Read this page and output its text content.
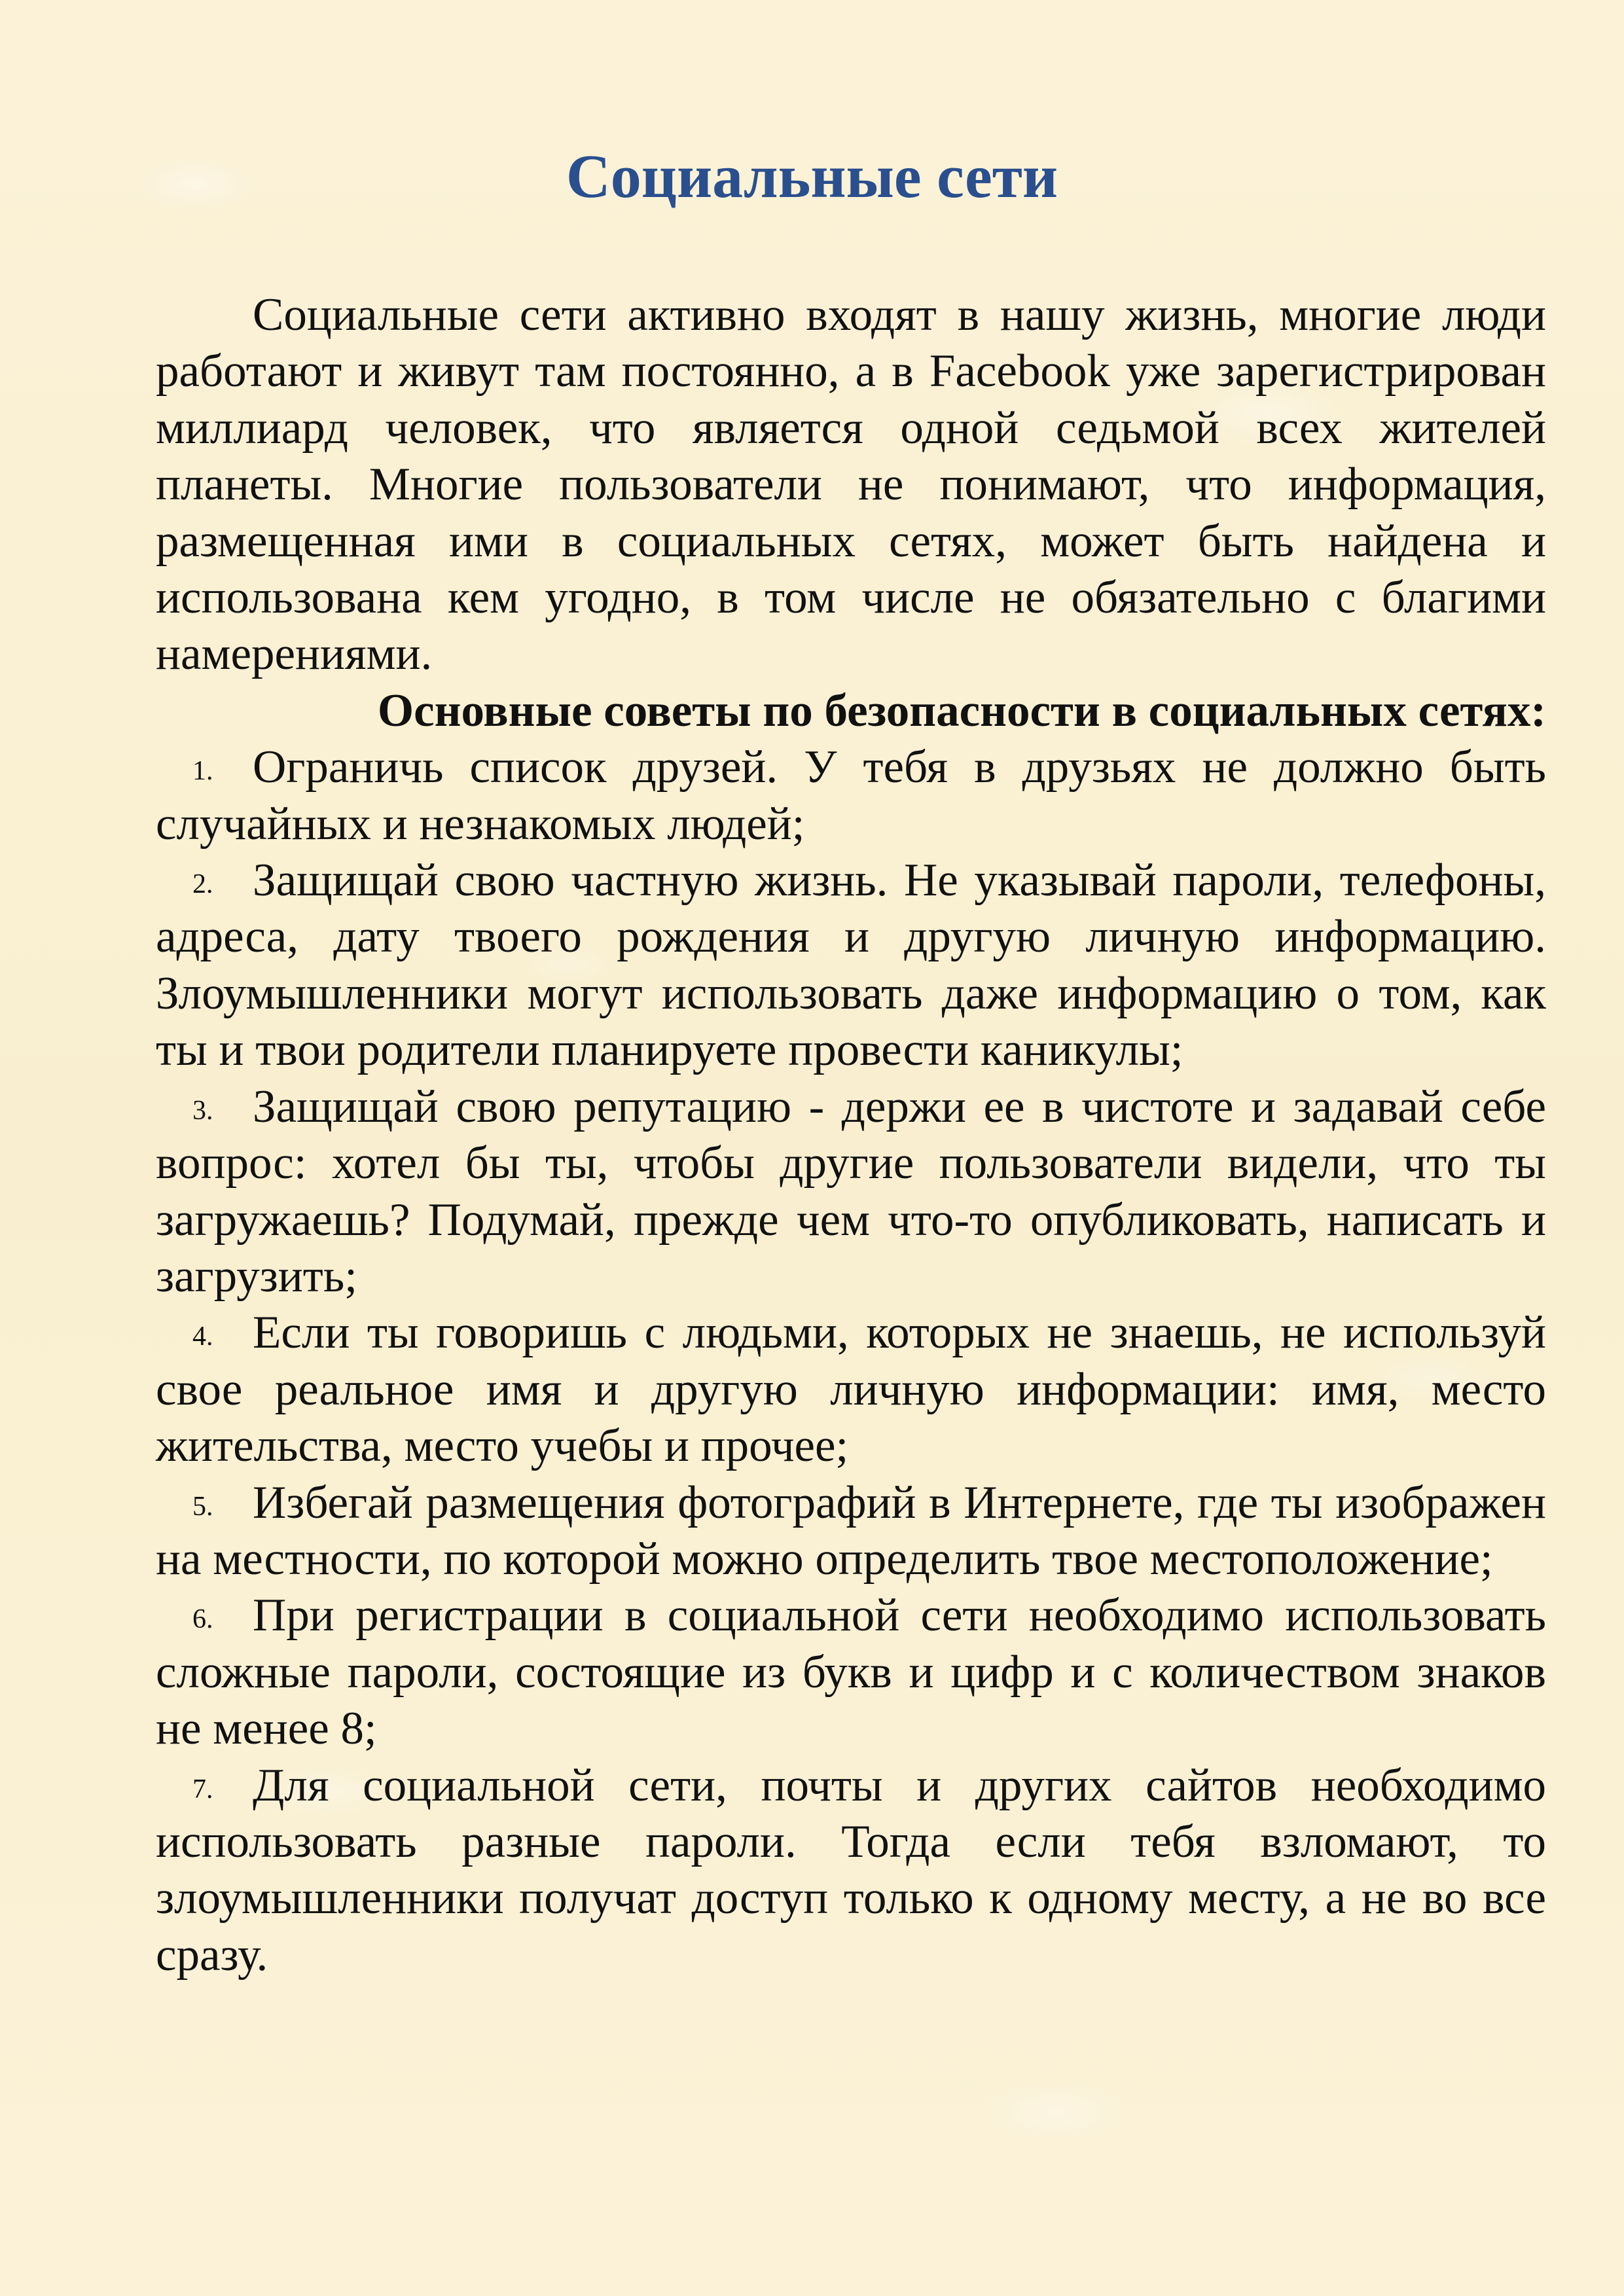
Социальные сети

Социальные сети активно входят в нашу жизнь, многие люди работают и живут там постоянно, а в Facebook уже зарегистрирован миллиард человек, что является одной седьмой всех жителей планеты. Многие пользователи не понимают, что информация, размещенная ими в социальных сетях, может быть найдена и использована кем угодно, в том числе не обязательно с благими намерениями.

Основные советы по безопасности в социальных сетях:

1. Ограничь список друзей. У тебя в друзьях не должно быть случайных и незнакомых людей;
2. Защищай свою частную жизнь. Не указывай пароли, телефоны, адреса, дату твоего рождения и другую личную информацию. Злоумышленники могут использовать даже информацию о том, как ты и твои родители планируете провести каникулы;
3. Защищай свою репутацию - держи ее в чистоте и задавай себе вопрос: хотел бы ты, чтобы другие пользователи видели, что ты загружаешь? Подумай, прежде чем что-то опубликовать, написать и загрузить;
4. Если ты говоришь с людьми, которых не знаешь, не используй свое реальное имя и другую личную информации: имя, место жительства, место учебы и прочее;
5. Избегай размещения фотографий в Интернете, где ты изображен на местности, по которой можно определить твое местоположение;
6. При регистрации в социальной сети необходимо использовать сложные пароли, состоящие из букв и цифр и с количеством знаков не менее 8;
7. Для социальной сети, почты и других сайтов необходимо использовать разные пароли. Тогда если тебя взломают, то злоумышленники получат доступ только к одному месту, а не во все сразу.
